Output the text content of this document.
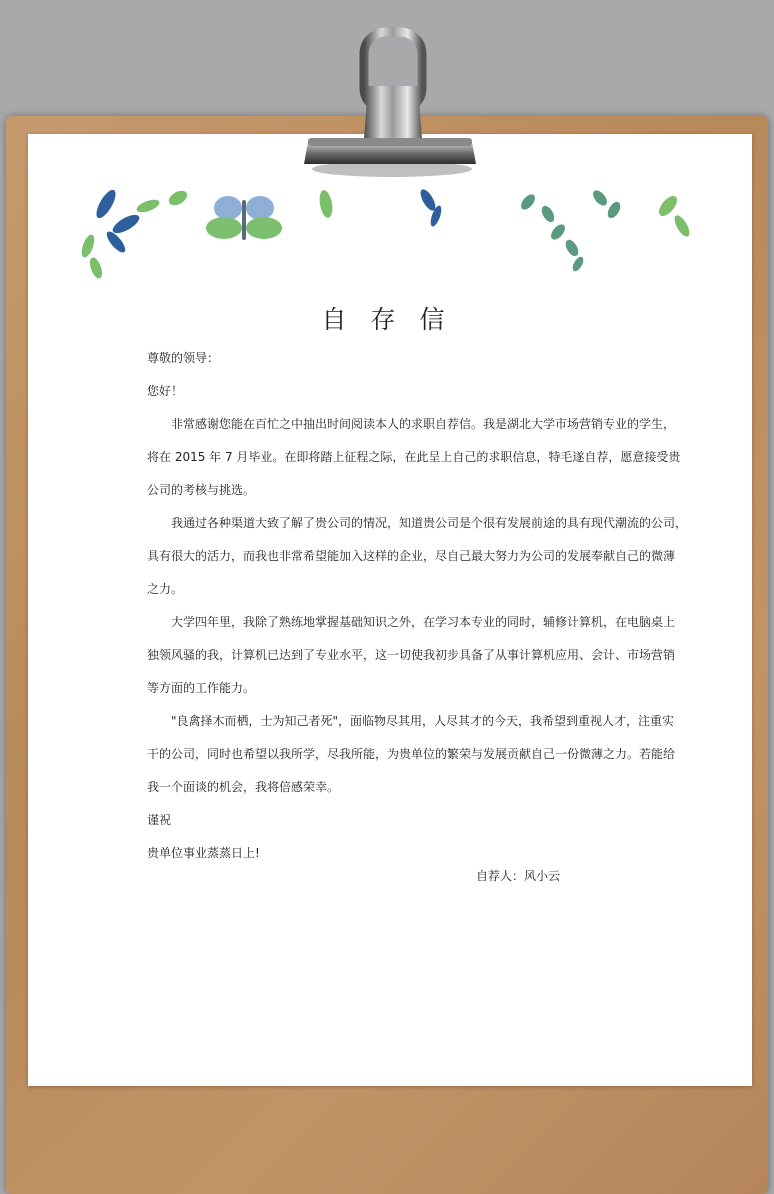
自 存 信
尊敬的领导：
您好！
非常感谢您能在百忙之中抽出时间阅读本人的求职自荐信。我是湖北大学市场营销专业的学生，
将在 2015 年 7 月毕业。在即将踏上征程之际，在此呈上自己的求职信息，特毛遂自荐，愿意接受贵
公司的考核与挑选。
我通过各种渠道大致了解了贵公司的情况，知道贵公司是个很有发展前途的具有现代潮流的公司，
具有很大的活力，而我也非常希望能加入这样的企业，尽自己最大努力为公司的发展奉献自己的微薄
之力。
大学四年里，我除了熟练地掌握基础知识之外，在学习本专业的同时，辅修计算机，在电脑桌上
独领风骚的我，计算机已达到了专业水平，这一切使我初步具备了从事计算机应用、会计、市场营销
等方面的工作能力。
"良禽择木而栖，士为知己者死"，面临物尽其用，人尽其才的今天，我希望到重视人才，注重实
干的公司，同时也希望以我所学，尽我所能，为贵单位的繁荣与发展贡献自己一份微薄之力。若能给
我一个面谈的机会，我将倍感荣幸。
谨祝
贵单位事业蒸蒸日上!
自荐人：风小云
